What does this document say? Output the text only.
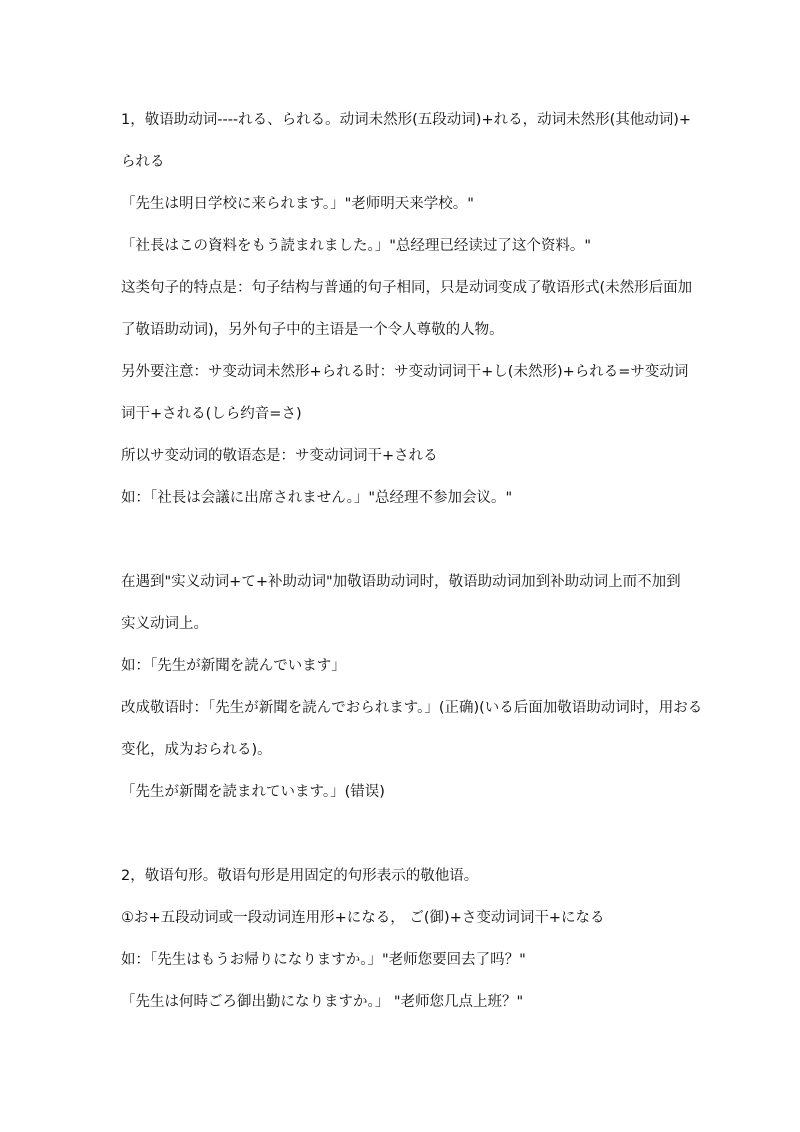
1，敬语助动词----れる、られる。动词未然形(五段动词)+れる，动词未然形(其他动词)+
られる
「先生は明日学校に来られます。」"老师明天来学校。"
「社長はこの資料をもう読まれました。」"总经理已经读过了这个资料。"
这类句子的特点是：句子结构与普通的句子相同，只是动词变成了敬语形式(未然形后面加
了敬语助动词)，另外句子中的主语是一个令人尊敬的人物。
另外要注意：サ变动词未然形+られる时：サ变动词词干+し(未然形)+られる=サ变动词
词干+される(しら约音=さ)
所以サ变动词的敬语态是：サ变动词词干+される
如：「社長は会議に出席されません。」"总经理不参加会议。"
在遇到"实义动词+て+补助动词"加敬语助动词时，敬语助动词加到补助动词上而不加到
实义动词上。
如：「先生が新聞を読んでいます」
改成敬语时：「先生が新聞を読んでおられます。」(正确)(いる后面加敬语助动词时，用おる
变化，成为おられる)。
「先生が新聞を読まれています。」(错误)
2，敬语句形。敬语句形是用固定的句形表示的敬他语。
①お+五段动词或一段动词连用形+になる， ご(御)+さ变动词词干+になる
如：「先生はもうお帰りになりますか。」"老师您要回去了吗？"
「先生は何時ごろ御出勤になりますか。」 "老师您几点上班？"
